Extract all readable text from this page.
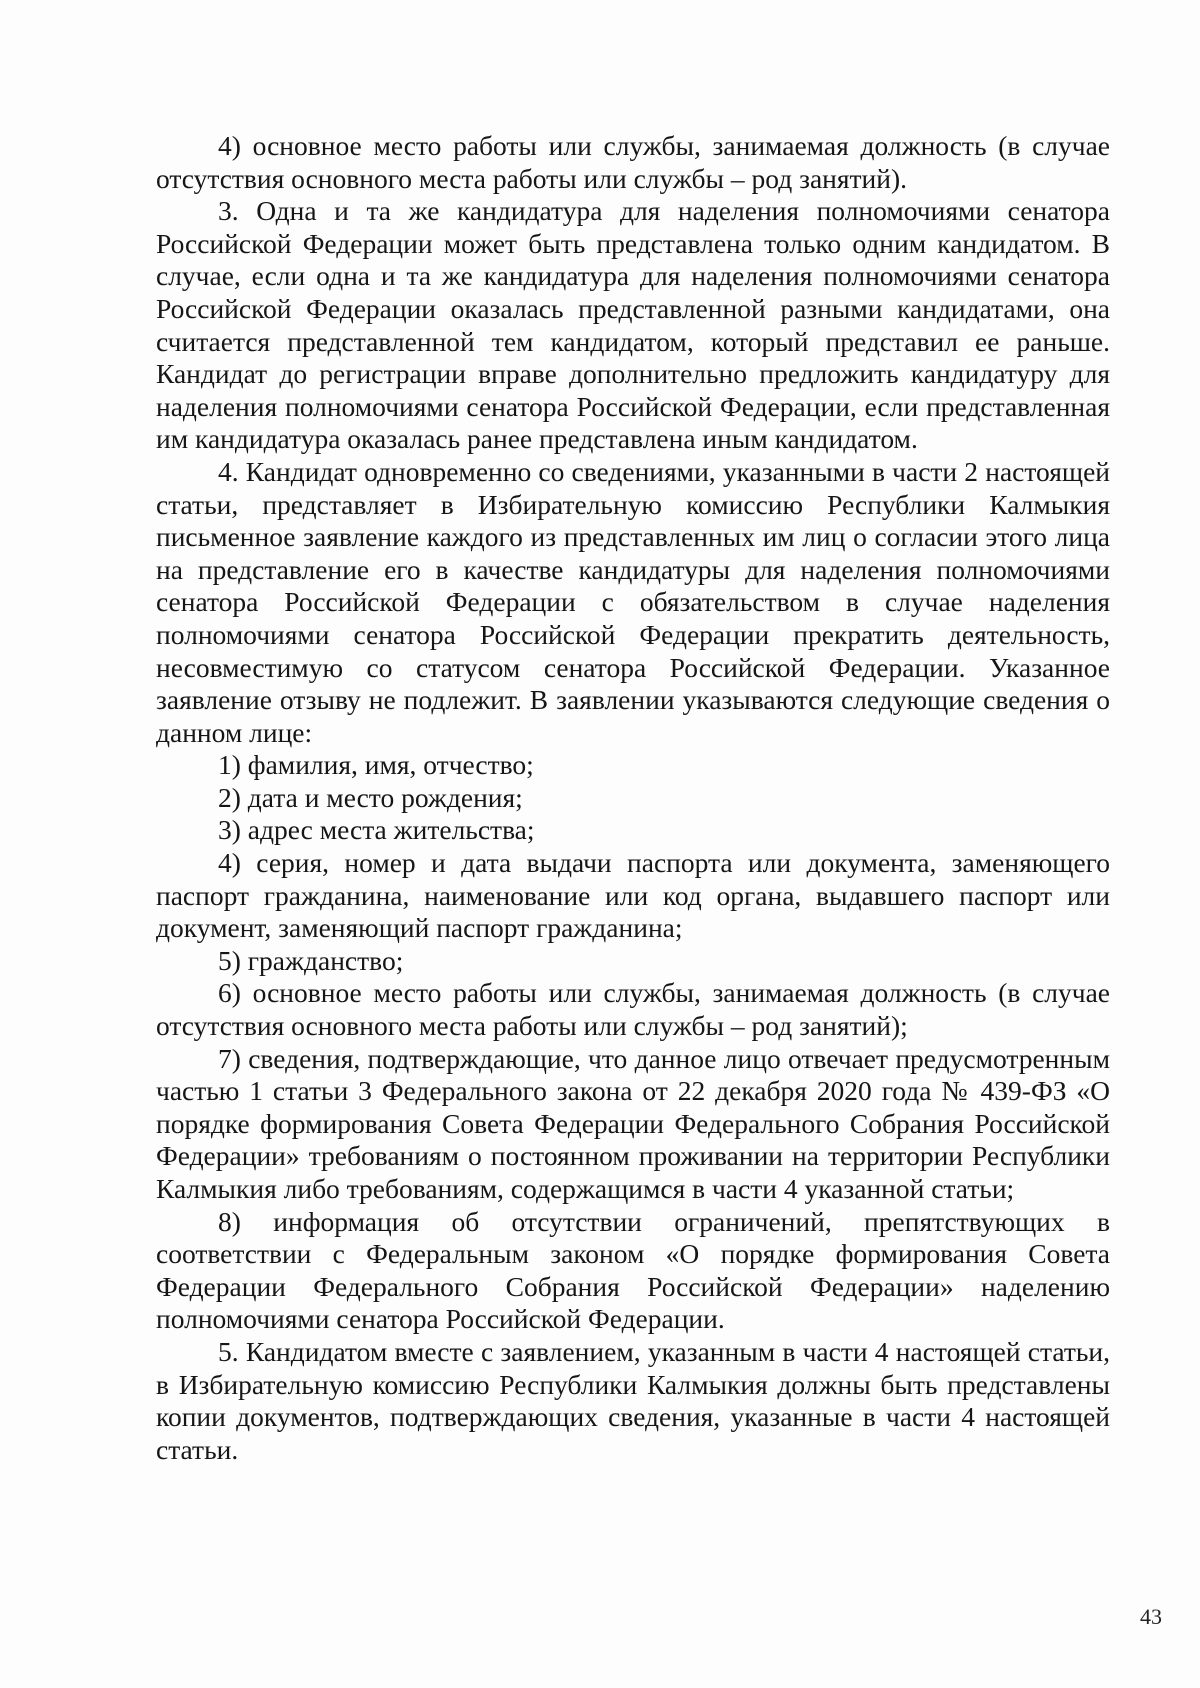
4) основное место работы или службы, занимаемая должность (в случае отсутствия основного места работы или службы – род занятий).

3. Одна и та же кандидатура для наделения полномочиями сенатора Российской Федерации может быть представлена только одним кандидатом. В случае, если одна и та же кандидатура для наделения полномочиями сенатора Российской Федерации оказалась представленной разными кандидатами, она считается представленной тем кандидатом, который представил ее раньше. Кандидат до регистрации вправе дополнительно предложить кандидатуру для наделения полномочиями сенатора Российской Федерации, если представленная им кандидатура оказалась ранее представлена иным кандидатом.

4. Кандидат одновременно со сведениями, указанными в части 2 настоящей статьи, представляет в Избирательную комиссию Республики Калмыкия письменное заявление каждого из представленных им лиц о согласии этого лица на представление его в качестве кандидатуры для наделения полномочиями сенатора Российской Федерации с обязательством в случае наделения полномочиями сенатора Российской Федерации прекратить деятельность, несовместимую со статусом сенатора Российской Федерации. Указанное заявление отзыву не подлежит. В заявлении указываются следующие сведения о данном лице:

1) фамилия, имя, отчество;

2) дата и место рождения;

3) адрес места жительства;

4) серия, номер и дата выдачи паспорта или документа, заменяющего паспорт гражданина, наименование или код органа, выдавшего паспорт или документ, заменяющий паспорт гражданина;

5) гражданство;

6) основное место работы или службы, занимаемая должность (в случае отсутствия основного места работы или службы – род занятий);

7) сведения, подтверждающие, что данное лицо отвечает предусмотренным частью 1 статьи 3 Федерального закона от 22 декабря 2020 года № 439-ФЗ «О порядке формирования Совета Федерации Федерального Собрания Российской Федерации» требованиям о постоянном проживании на территории Республики Калмыкия либо требованиям, содержащимся в части 4 указанной статьи;

8) информация об отсутствии ограничений, препятствующих в соответствии с Федеральным законом «О порядке формирования Совета Федерации Федерального Собрания Российской Федерации» наделению полномочиями сенатора Российской Федерации.

5. Кандидатом вместе с заявлением, указанным в части 4 настоящей статьи, в Избирательную комиссию Республики Калмыкия должны быть представлены копии документов, подтверждающих сведения, указанные в части 4 настоящей статьи.

43
